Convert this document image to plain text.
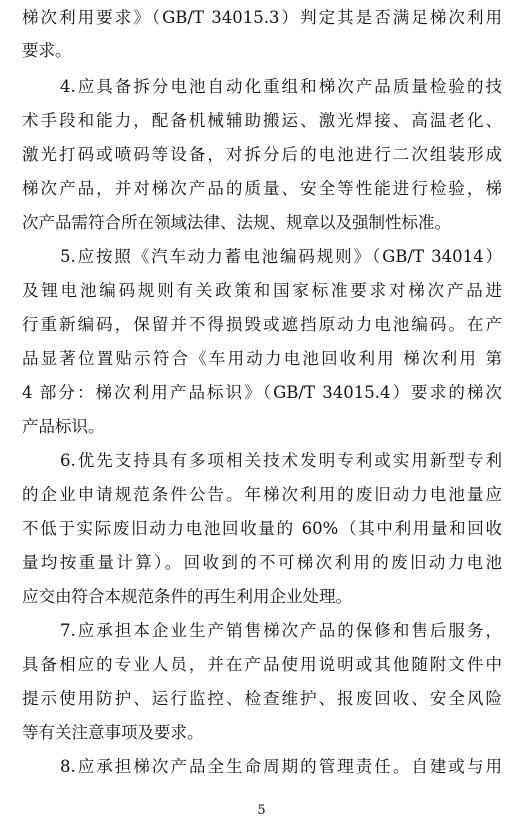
梯次利用要求》（GB/T 34015.3）判定其是否满足梯次利用
要求。
4.应具备拆分电池自动化重组和梯次产品质量检验的技
术手段和能力，配备机械辅助搬运、激光焊接、高温老化、
激光打码或喷码等设备，对拆分后的电池进行二次组装形成
梯次产品，并对梯次产品的质量、安全等性能进行检验，梯
次产品需符合所在领域法律、法规、规章以及强制性标准。
5.应按照《汽车动力蓄电池编码规则》（GB/T 34014）
及锂电池编码规则有关政策和国家标准要求对梯次产品进
行重新编码，保留并不得损毁或遮挡原动力电池编码。在产
品显著位置贴示符合《车用动力电池回收利用 梯次利用 第
4 部分：梯次利用产品标识》（GB/T 34015.4）要求的梯次
产品标识。
6.优先支持具有多项相关技术发明专利或实用新型专利
的企业申请规范条件公告。年梯次利用的废旧动力电池量应
不低于实际废旧动力电池回收量的 60%（其中利用量和回收
量均按重量计算）。回收到的不可梯次利用的废旧动力电池
应交由符合本规范条件的再生利用企业处理。
7.应承担本企业生产销售梯次产品的保修和售后服务，
具备相应的专业人员，并在产品使用说明或其他随附文件中
提示使用防护、运行监控、检查维护、报废回收、安全风险
等有关注意事项及要求。
8.应承担梯次产品全生命周期的管理责任。自建或与用
5
